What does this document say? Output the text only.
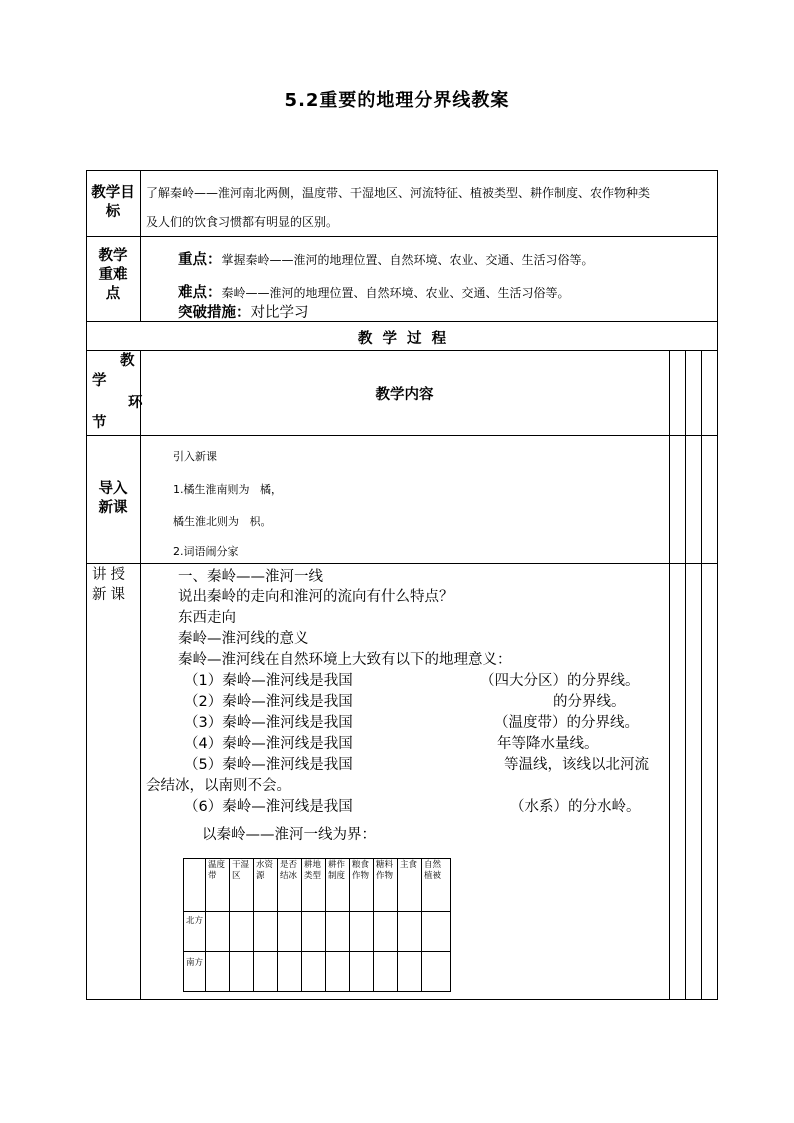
5.2重要的地理分界线教案
教学目标
了解秦岭——淮河南北两侧，温度带、干湿地区、河流特征、植被类型、耕作制度、农作物种类
及人们的饮食习惯都有明显的区别。
教学重难点
重点：掌握秦岭——淮河的地理位置、自然环境、农业、交通、生活习俗等。
难点：秦岭——淮河的地理位置、自然环境、农业、交通、生活习俗等。
突破措施：对比学习
教  学  过  程
教
学
环
节
教学内容
导入新课
引入新课
1.橘生淮南则为   橘，
橘生淮北则为   枳。
2.词语闹分家
讲授新课
一、秦岭——淮河一线
说出秦岭的走向和淮河的流向有什么特点？
东西走向
秦岭—淮河线的意义
秦岭—淮河线在自然环境上大致有以下的地理意义：
（1）秦岭—淮河线是我国	（四大分区）的分界线。
（2）秦岭—淮河线是我国	的分界线。
（3）秦岭—淮河线是我国	（温度带）的分界线。
（4）秦岭—淮河线是我国	年等降水量线。
（5）秦岭—淮河线是我国	等温线，该线以北河流
会结冰，以南则不会。
（6）秦岭—淮河线是我国	（水系）的分水岭。
以秦岭——淮河一线为界：
	温度带	干湿区	水资源	是否结冰	耕地类型	耕作制度	粮食作物	糖料作物	主食	自然植被
北方										
南方										
